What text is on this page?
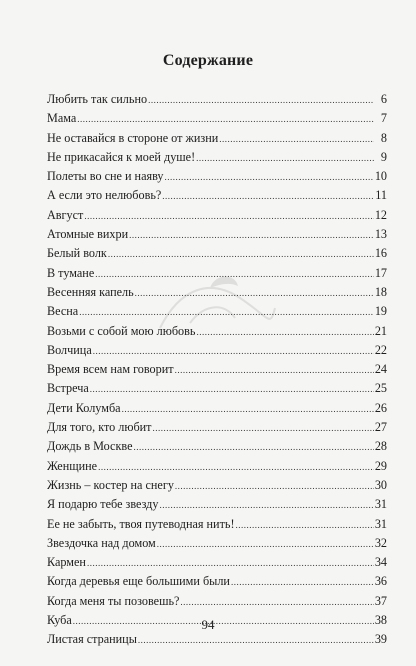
Содержание
Любить так сильно .....	6
Мама .....	7
Не оставайся в стороне от жизни .....	8
Не прикасайся к моей душе! .....	9
Полеты во сне и наяву .....	10
А если это нелюбовь? .....	11
Август .....	12
Атомные вихри .....	13
Белый волк .....	16
В тумане .....	17
Весенняя капель .....	18
Весна .....	19
Возьми с собой мою любовь .....	21
Волчица .....	22
Время всем нам говорит .....	24
Встреча .....	25
Дети Колумба .....	26
Для того, кто любит .....	27
Дождь в Москве .....	28
Женщине .....	29
Жизнь – костер на снегу .....	30
Я подарю тебе звезду .....	31
Ее не забыть, твоя путеводная нить! .....	31
Звездочка над домом .....	32
Кармен .....	34
Когда деревья еще большими были .....	36
Когда меня ты позовешь? .....	37
Куба .....	38
Листая страницы .....	39
94
